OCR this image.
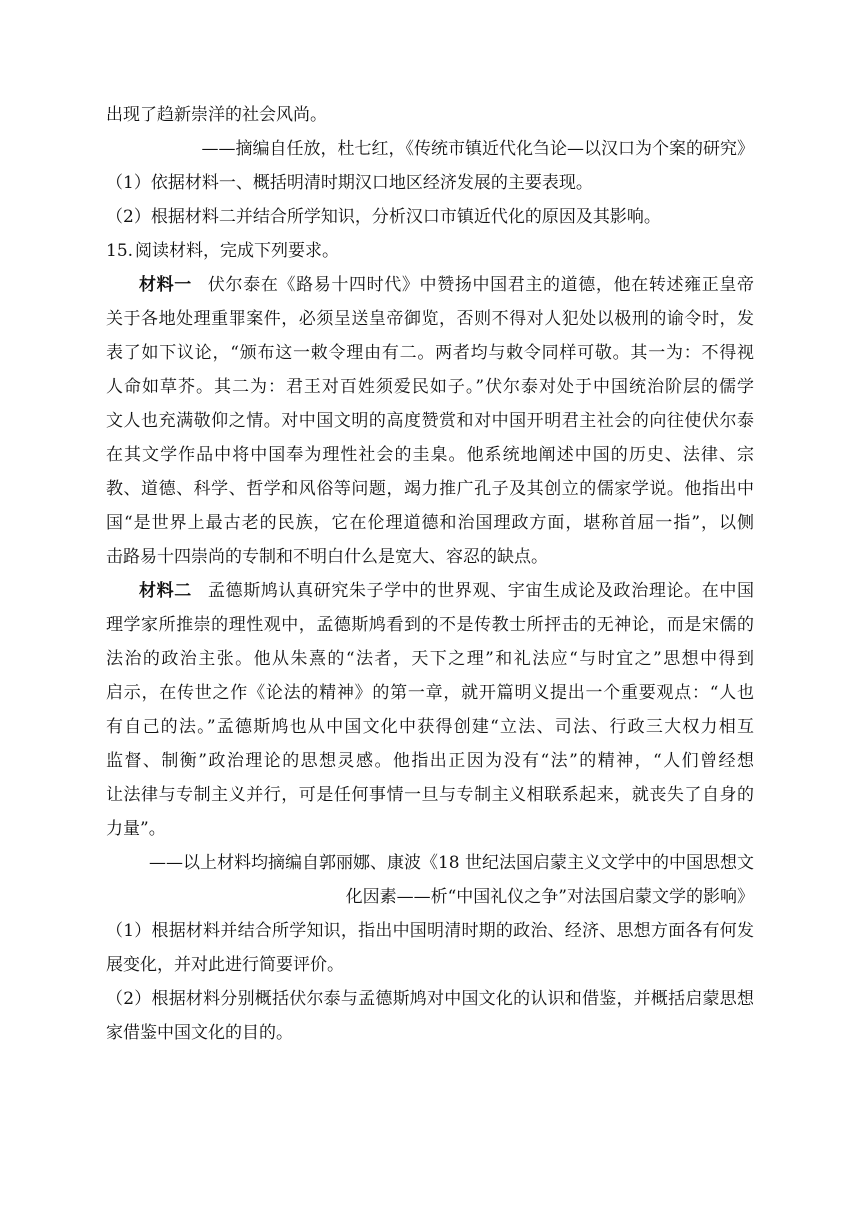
出现了趋新崇洋的社会风尚。
——摘编自任放，杜七红，《传统市镇近代化刍论—以汉口为个案的研究》
（1）依据材料一、概括明清时期汉口地区经济发展的主要表现。
（2）根据材料二并结合所学知识，分析汉口市镇近代化的原因及其影响。
15. 阅读材料，完成下列要求。
材料一 伏尔泰在《路易十四时代》中赞扬中国君主的道德，他在转述雍正皇帝
关于各地处理重罪案件，必须呈送皇帝御览，否则不得对人犯处以极刑的谕令时，发
表了如下议论，“颁布这一敕令理由有二。两者均与敕令同样可敬。其一为：不得视
人命如草芥。其二为：君王对百姓须爱民如子。”伏尔泰对处于中国统治阶层的儒学
文人也充满敬仰之情。对中国文明的高度赞赏和对中国开明君主社会的向往使伏尔泰
在其文学作品中将中国奉为理性社会的圭臬。他系统地阐述中国的历史、法律、宗
教、道德、科学、哲学和风俗等问题，竭力推广孔子及其创立的儒家学说。他指出中
国“是世界上最古老的民族，它在伦理道德和治国理政方面，堪称首屈一指”，以侧
击路易十四崇尚的专制和不明白什么是宽大、容忍的缺点。
材料二 孟德斯鸠认真研究朱子学中的世界观、宇宙生成论及政治理论。在中国
理学家所推崇的理性观中，孟德斯鸠看到的不是传教士所抨击的无神论，而是宋儒的
法治的政治主张。他从朱熹的“法者，天下之理”和礼法应“与时宜之”思想中得到
启示，在传世之作《论法的精神》的第一章，就开篇明义提出一个重要观点：“人也
有自己的法。”孟德斯鸠也从中国文化中获得创建“立法、司法、行政三大权力相互
监督、制衡”政治理论的思想灵感。他指出正因为没有“法”的精神，“人们曾经想
让法律与专制主义并行，可是任何事情一旦与专制主义相联系起来，就丧失了自身的
力量”。
——以上材料均摘编自郭丽娜、康波《18 世纪法国启蒙主义文学中的中国思想文
化因素——析“中国礼仪之争”对法国启蒙文学的影响》
（1）根据材料并结合所学知识，指出中国明清时期的政治、经济、思想方面各有何发
展变化，并对此进行简要评价。
（2）根据材料分别概括伏尔泰与孟德斯鸠对中国文化的认识和借鉴，并概括启蒙思想
家借鉴中国文化的目的。
